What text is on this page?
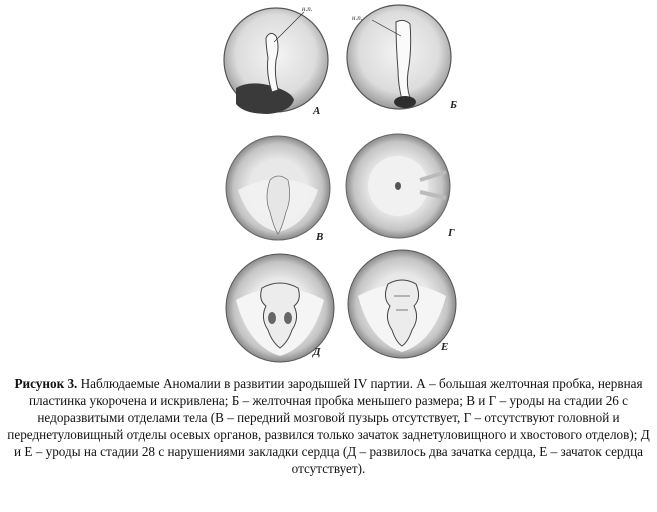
н.п.
А
н.п.
Б
В	Г
Д	Е
Рисунок 3. Наблюдаемые Аномалии в развитии зародышей IV партии. А – большая желточная пробка, нервная пластинка укорочена и искривлена; Б – желточная пробка меньшего размера; В и Г – уроды на стадии 26 с недоразвитыми отделами тела (В – передний мозговой пузырь отсутствует, Г – отсутствуют головной и переднетуловищный отделы осевых органов, развился только зачаток заднетуловищного и хвостового отделов); Д и Е – уроды на стадии 28 с нарушениями закладки сердца (Д – развилось два зачатка сердца, Е – зачаток сердца отсутствует).
